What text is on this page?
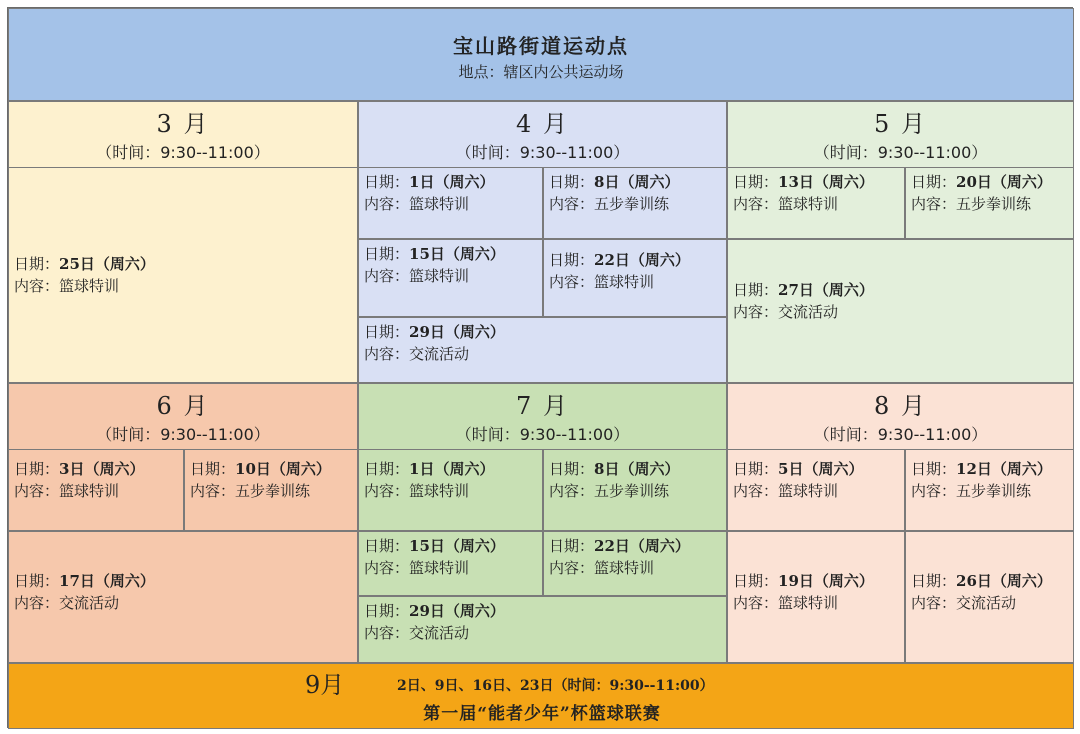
宝山路街道运动点
地点：辖区内公共运动场
3 月
（时间：9:30--11:00）
日期：25日（周六）
内容：篮球特训
4 月
（时间：9:30--11:00）
日期：1日（周六）
内容：篮球特训
日期：8日（周六）
内容：五步拳训练
日期：15日（周六）
内容：篮球特训
日期：22日（周六）
内容：篮球特训
日期：29日（周六）
内容：交流活动
5 月
（时间：9:30--11:00）
日期：13日（周六）
内容：篮球特训
日期：20日（周六）
内容：五步拳训练
日期：27日（周六）
内容：交流活动
6 月
（时间：9:30--11:00）
日期：3日（周六）
内容：篮球特训
日期：10日（周六）
内容：五步拳训练
日期：17日（周六）
内容：交流活动
7 月
（时间：9:30--11:00）
日期：1日（周六）
内容：篮球特训
日期：8日（周六）
内容：五步拳训练
日期：15日（周六）
内容：篮球特训
日期：22日（周六）
内容：篮球特训
日期：29日（周六）
内容：交流活动
8 月
（时间：9:30--11:00）
日期：5日（周六）
内容：篮球特训
日期：12日（周六）
内容：五步拳训练
日期：19日（周六）
内容：篮球特训
日期：26日（周六）
内容：交流活动
9月	2日、9日、16日、23日（时间：9:30--11:00）
第一届“能者少年”杯篮球联赛
